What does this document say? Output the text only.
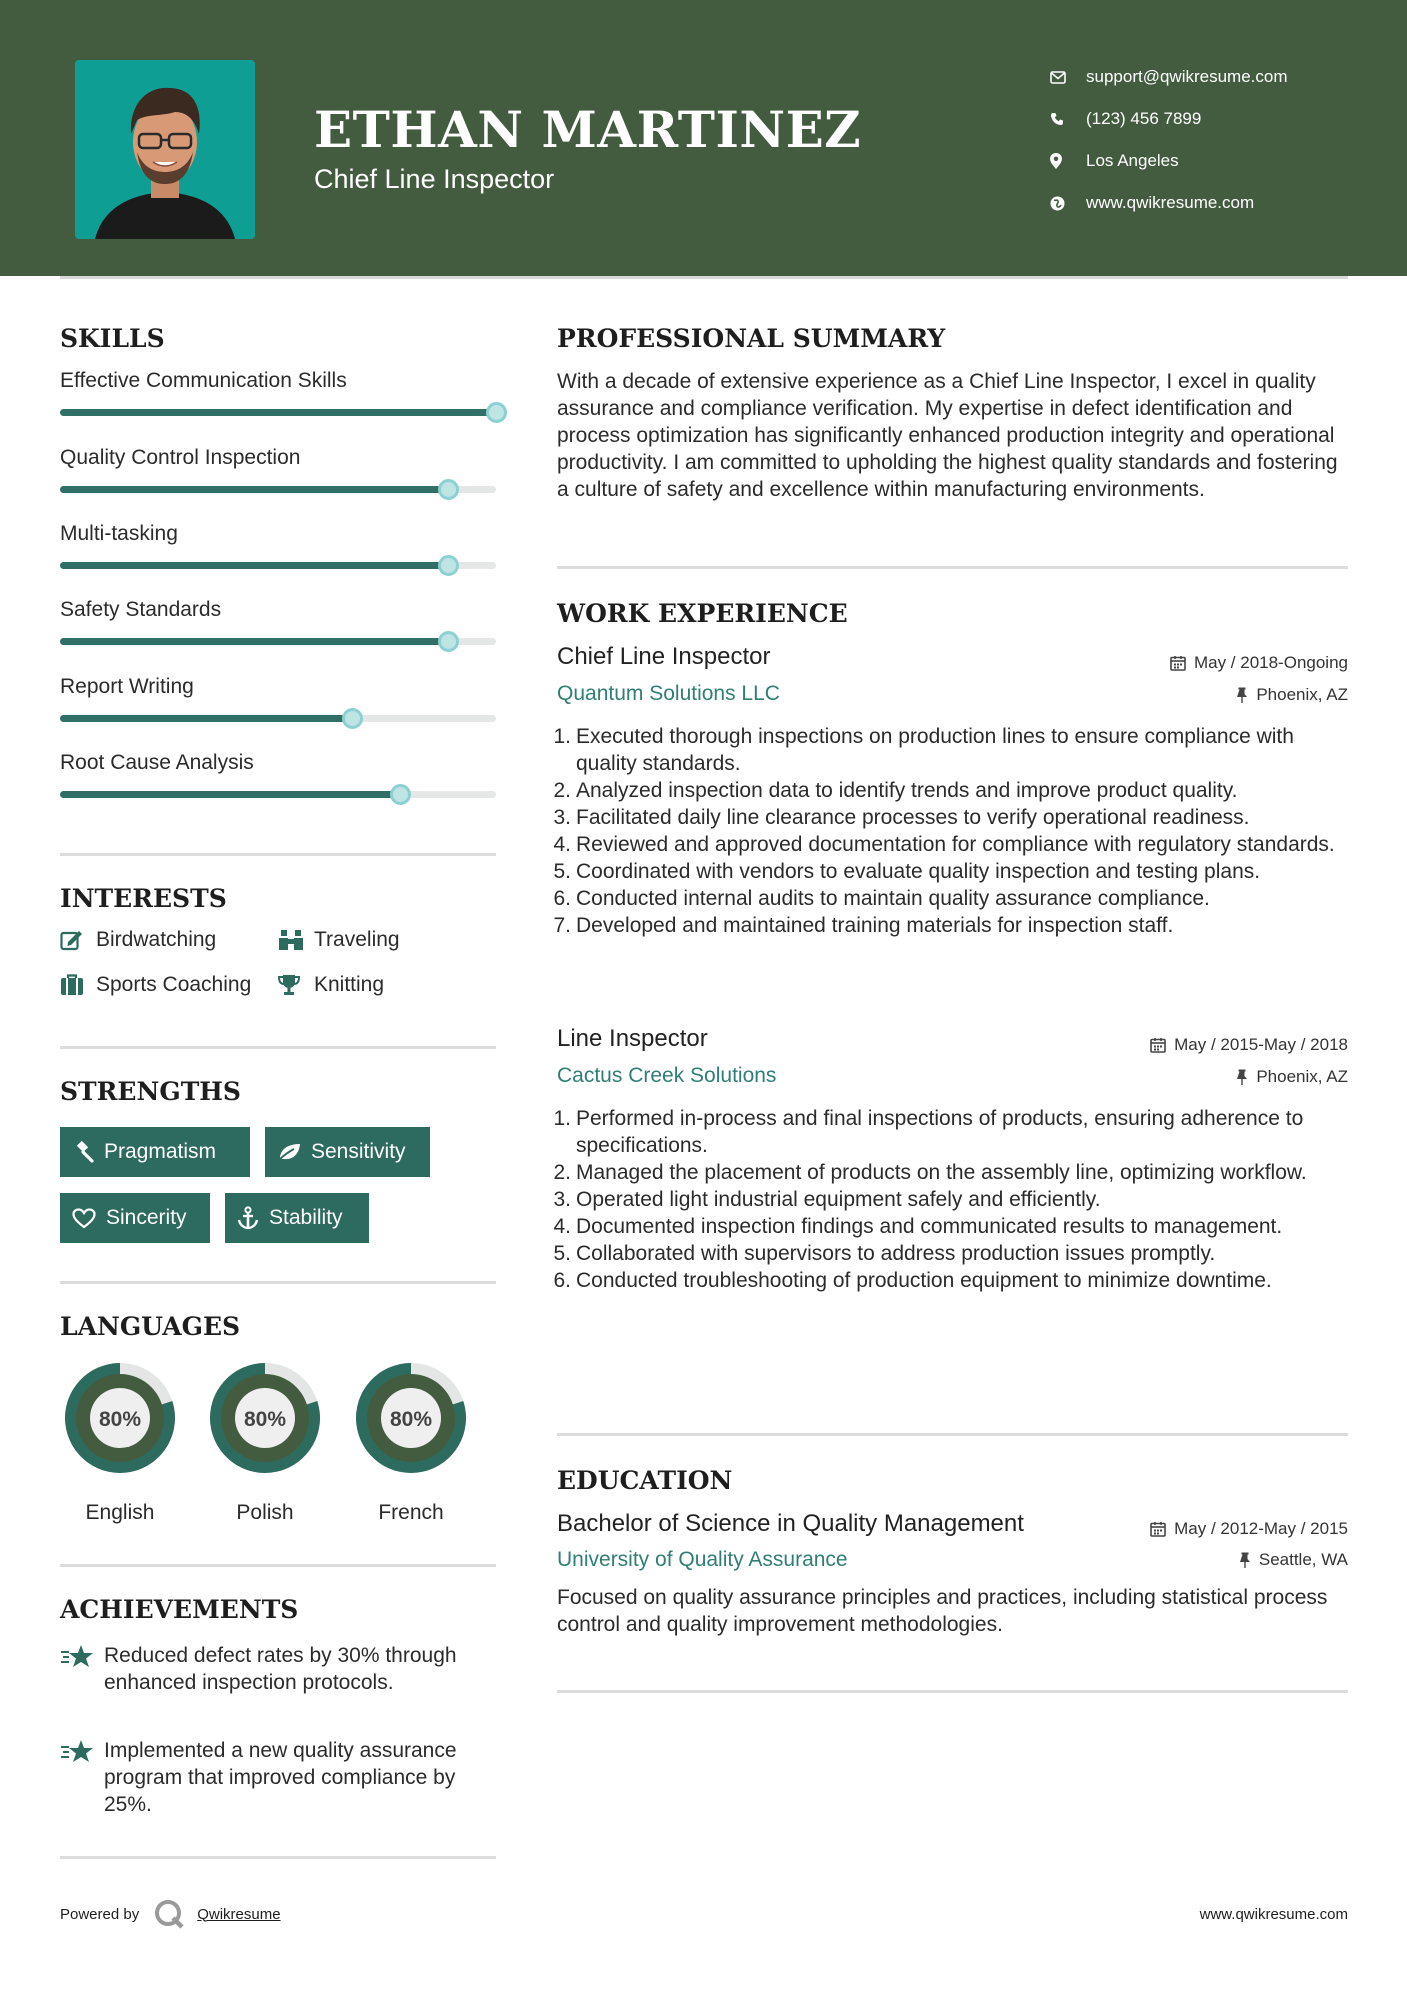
ETHAN MARTINEZ
Chief Line Inspector
support@qwikresume.com
(123) 456 7899
Los Angeles
www.qwikresume.com
SKILLS
Effective Communication Skills
Quality Control Inspection
Multi-tasking
Safety Standards
Report Writing
Root Cause Analysis
INTERESTS
Birdwatching	Traveling
Sports Coaching	Knitting
STRENGTHS
Pragmatism	Sensitivity
Sincerity	Stability
LANGUAGES
80%
English
80%
Polish
80%
French
ACHIEVEMENTS
Reduced defect rates by 30% through enhanced inspection protocols.
Implemented a new quality assurance program that improved compliance by 25%.
PROFESSIONAL SUMMARY
With a decade of extensive experience as a Chief Line Inspector, I excel in quality assurance and compliance verification. My expertise in defect identification and process optimization has significantly enhanced production integrity and operational productivity. I am committed to upholding the highest quality standards and fostering a culture of safety and excellence within manufacturing environments.
WORK EXPERIENCE
Chief Line Inspector	May / 2018-Ongoing
Quantum Solutions LLC	Phoenix, AZ
1. Executed thorough inspections on production lines to ensure compliance with quality standards.
2. Analyzed inspection data to identify trends and improve product quality.
3. Facilitated daily line clearance processes to verify operational readiness.
4. Reviewed and approved documentation for compliance with regulatory standards.
5. Coordinated with vendors to evaluate quality inspection and testing plans.
6. Conducted internal audits to maintain quality assurance compliance.
7. Developed and maintained training materials for inspection staff.
Line Inspector	May / 2015-May / 2018
Cactus Creek Solutions	Phoenix, AZ
1. Performed in-process and final inspections of products, ensuring adherence to specifications.
2. Managed the placement of products on the assembly line, optimizing workflow.
3. Operated light industrial equipment safely and efficiently.
4. Documented inspection findings and communicated results to management.
5. Collaborated with supervisors to address production issues promptly.
6. Conducted troubleshooting of production equipment to minimize downtime.
EDUCATION
Bachelor of Science in Quality Management	May / 2012-May / 2015
University of Quality Assurance	Seattle, WA
Focused on quality assurance principles and practices, including statistical process control and quality improvement methodologies.
Powered by	Qwikresume	www.qwikresume.com
